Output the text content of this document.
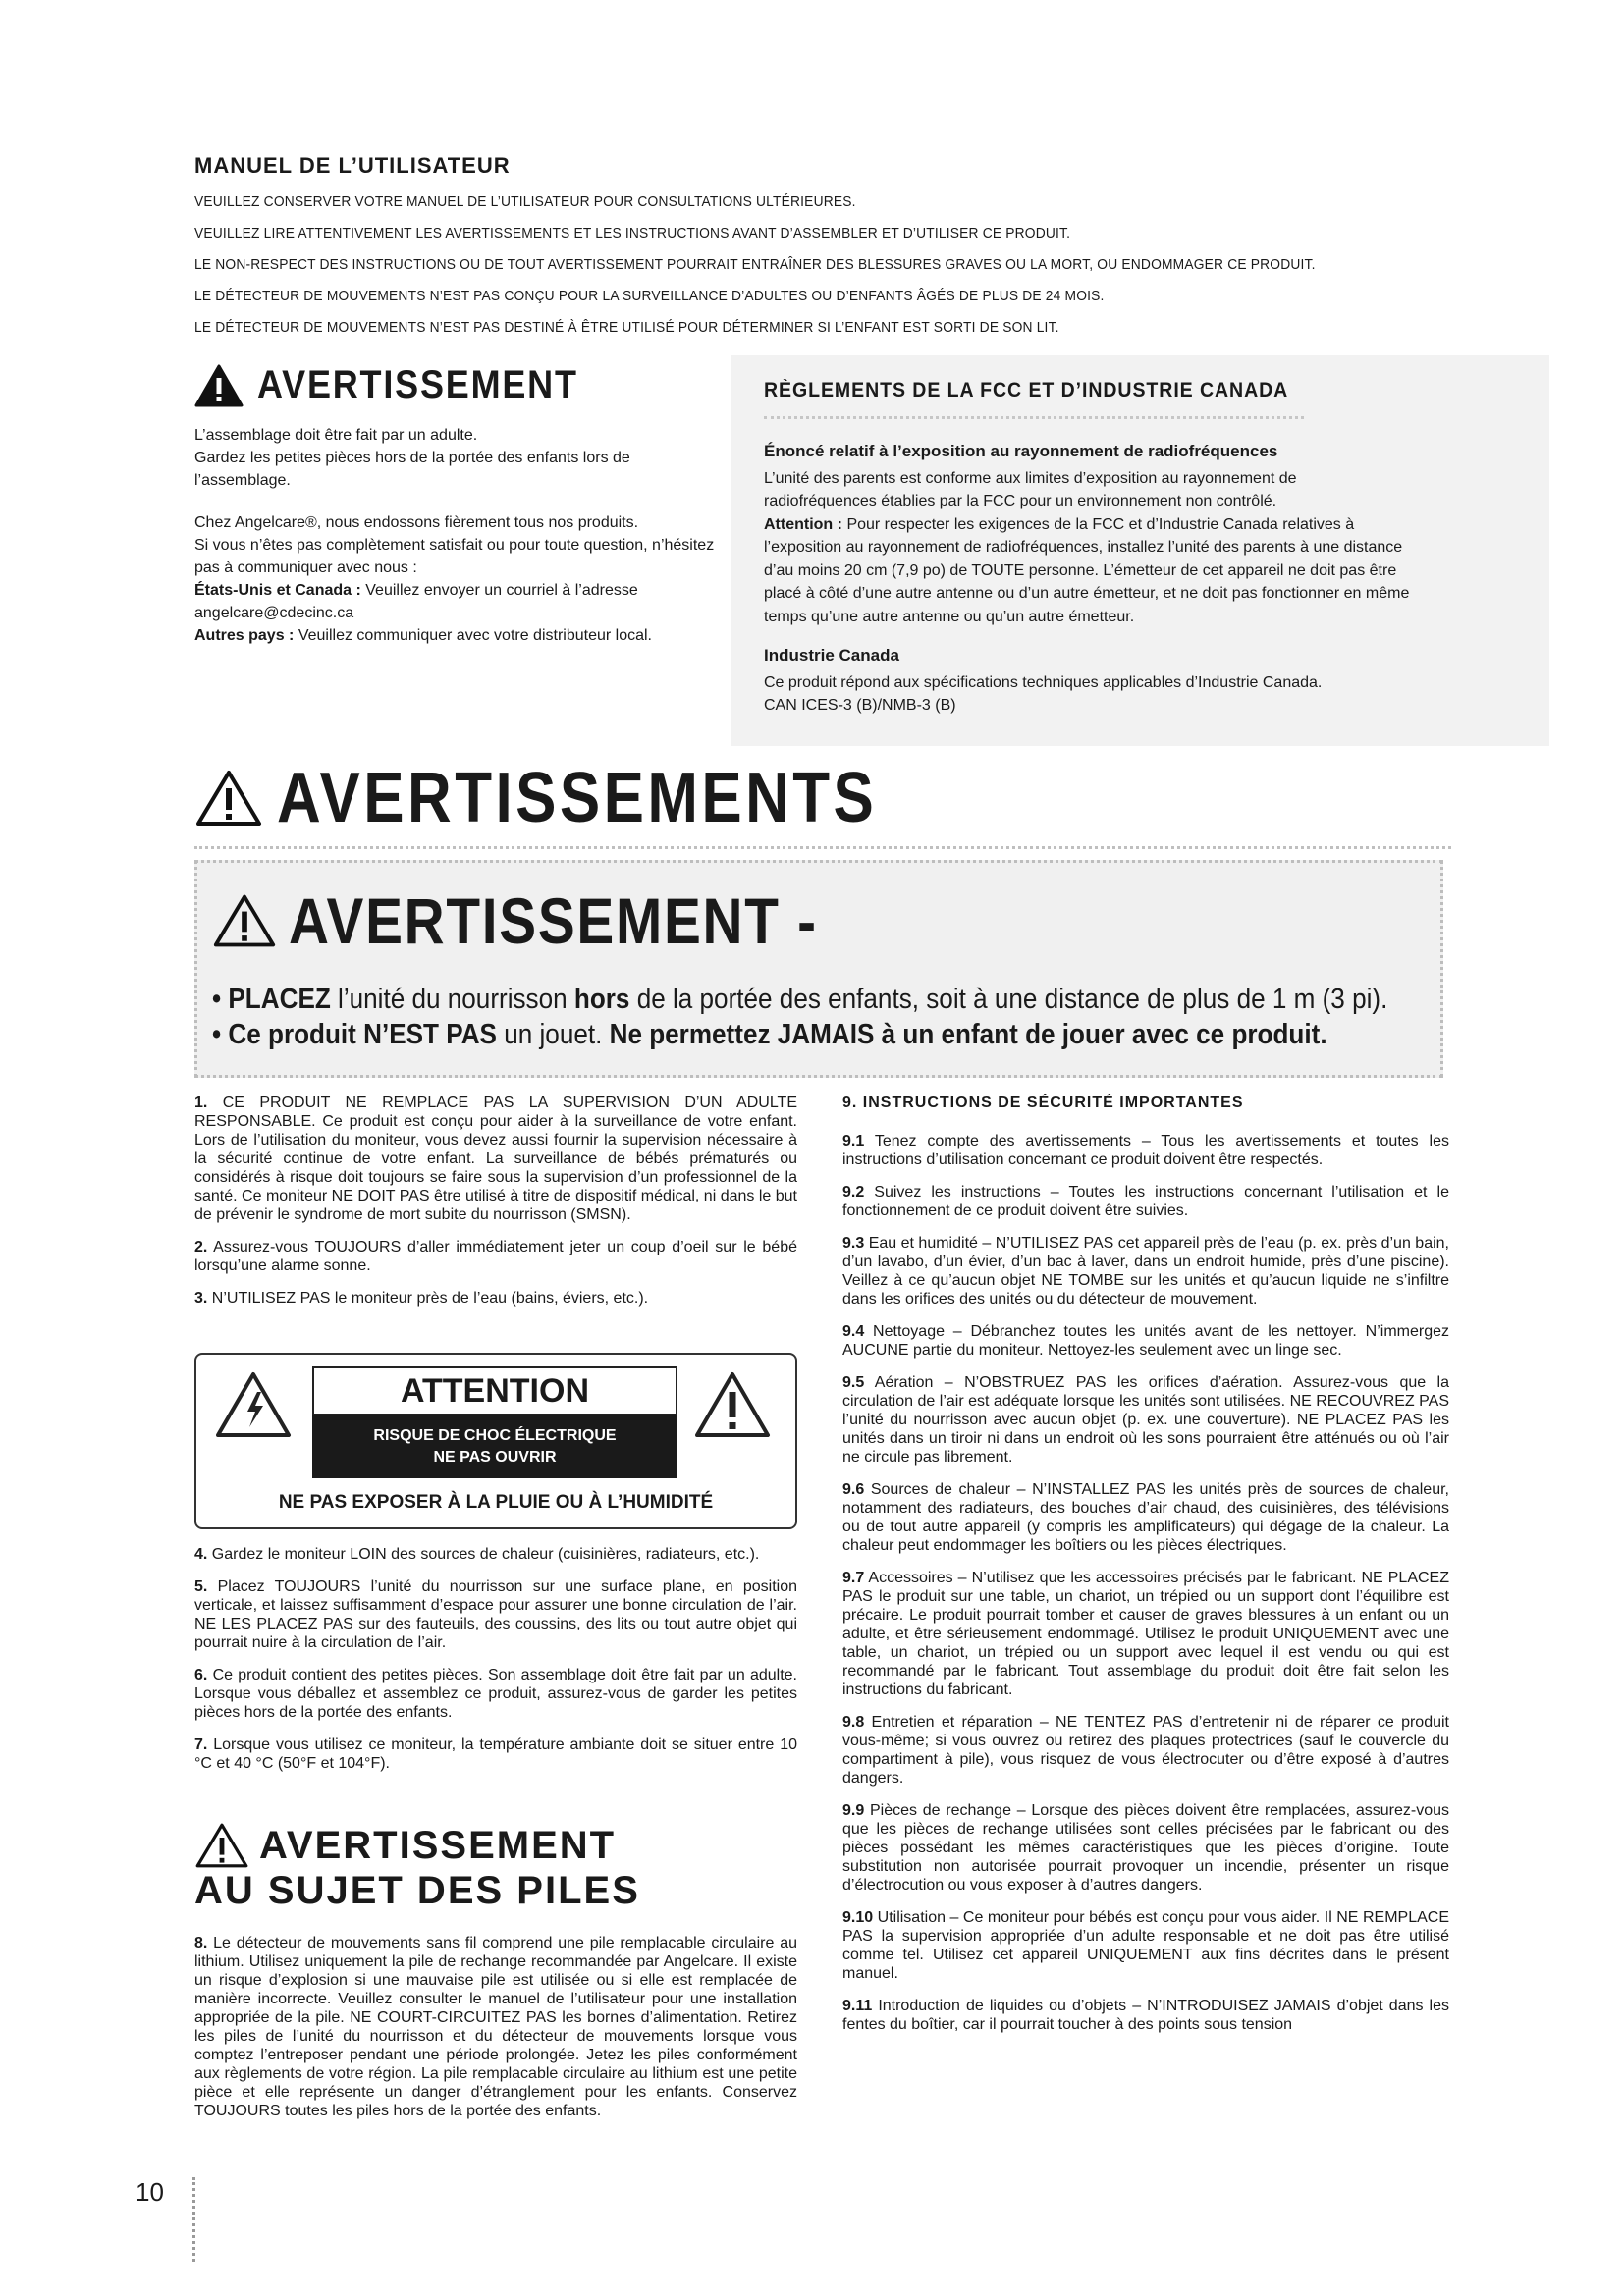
MANUEL DE L’UTILISATEUR
VEUILLEZ CONSERVER VOTRE MANUEL DE L’UTILISATEUR POUR CONSULTATIONS ULTÉRIEURES.
VEUILLEZ LIRE ATTENTIVEMENT LES AVERTISSEMENTS ET LES INSTRUCTIONS AVANT D’ASSEMBLER ET D’UTILISER CE PRODUIT.
LE NON-RESPECT DES INSTRUCTIONS OU DE TOUT AVERTISSEMENT POURRAIT ENTRAÎNER DES BLESSURES GRAVES OU LA MORT, OU ENDOMMAGER CE PRODUIT.
LE DÉTECTEUR DE MOUVEMENTS N’EST PAS CONÇU POUR LA SURVEILLANCE D’ADULTES OU D’ENFANTS ÂGÉS DE PLUS DE 24 MOIS.
LE DÉTECTEUR DE MOUVEMENTS N’EST PAS DESTINÉ À ÊTRE UTILISÉ POUR DÉTERMINER SI L’ENFANT EST SORTI DE SON LIT.
AVERTISSEMENT

L’assemblage doit être fait par un adulte.
Gardez les petites pièces hors de la portée des enfants lors de l’assemblage.

Chez Angelcare®, nous endossons fièrement tous nos produits.
Si vous n’êtes pas complètement satisfait ou pour toute question, n’hésitez pas à communiquer avec nous :
États-Unis et Canada : Veuillez envoyer un courriel à l’adresse angelcare@cdecinc.ca
Autres pays : Veuillez communiquer avec votre distributeur local.

RÈGLEMENTS DE LA FCC ET D’INDUSTRIE CANADA
Énoncé relatif à l’exposition au rayonnement de radiofréquences

L’unité des parents est conforme aux limites d’exposition au rayonnement de radiofréquences établies par la FCC pour un environnement non contrôlé.
Attention : Pour respecter les exigences de la FCC et d’Industrie Canada relatives à l’exposition au rayonnement de radiofréquences, installez l’unité des parents à une distance d’au moins 20 cm (7,9 po) de TOUTE personne. L’émetteur de cet appareil ne doit pas être placé à côté d’une autre antenne ou d’un autre émetteur, et ne doit pas fonctionner en même temps qu’une autre antenne ou qu’un autre émetteur.

Industrie Canada
Ce produit répond aux spécifications techniques applicables d’Industrie Canada.
CAN ICES-3 (B)/NMB-3 (B)
AVERTISSEMENTS
AVERTISSEMENT -
• PLACEZ l’unité du nourrisson hors de la portée des enfants, soit à une distance de plus de 1 m (3 pi).
• Ce produit N’EST PAS un jouet. Ne permettez JAMAIS à un enfant de jouer avec ce produit.

1. CE PRODUIT NE REMPLACE PAS LA SUPERVISION D’UN ADULTE RESPONSABLE. Ce produit est conçu pour aider à la surveillance de votre enfant. Lors de l’utilisation du moniteur, vous devez aussi fournir la supervision nécessaire à la sécurité continue de votre enfant. La surveillance de bébés prématurés ou considérés à risque doit toujours se faire sous la supervision d’un professionnel de la santé. Ce moniteur NE DOIT PAS être utilisé à titre de dispositif médical, ni dans le but de prévenir le syndrome de mort subite du nourrisson (SMSN).

2. Assurez-vous TOUJOURS d’aller immédiatement jeter un coup d’oeil sur le bébé lorsqu’une alarme sonne.

3. N’UTILISEZ PAS le moniteur près de l’eau (bains, éviers, etc.).

ATTENTION
RISQUE DE CHOC ÉLECTRIQUE
NE PAS OUVRIR
NE PAS EXPOSER À LA PLUIE OU À L’HUMIDITÉ

4. Gardez le moniteur LOIN des sources de chaleur (cuisinières, radiateurs, etc.).

5. Placez TOUJOURS l’unité du nourrisson sur une surface plane, en position verticale, et laissez suffisamment d’espace pour assurer une bonne circulation de l’air. NE LES PLACEZ PAS sur des fauteuils, des coussins, des lits ou tout autre objet qui pourrait nuire à la circulation de l’air.

6. Ce produit contient des petites pièces. Son assemblage doit être fait par un adulte. Lorsque vous déballez et assemblez ce produit, assurez-vous de garder les petites pièces hors de la portée des enfants.

7. Lorsque vous utilisez ce moniteur, la température ambiante doit se situer entre 10 °C et 40 °C (50°F et 104°F).

AVERTISSEMENT
AU SUJET DES PILES

8. Le détecteur de mouvements sans fil comprend une pile remplacable circulaire au lithium. Utilisez uniquement la pile de rechange recommandée par Angelcare. Il existe un risque d’explosion si une mauvaise pile est utilisée ou si elle est remplacée de manière incorrecte. Veuillez consulter le manuel de l’utilisateur pour une installation appropriée de la pile. NE COURT-CIRCUITEZ PAS les bornes d’alimentation. Retirez les piles de l’unité du nourrisson et du détecteur de mouvements lorsque vous comptez l’entreposer pendant une période prolongée. Jetez les piles conformément aux règlements de votre région. La pile remplacable circulaire au lithium est une petite pièce et elle représente un danger d’étranglement pour les enfants. Conservez TOUJOURS toutes les piles hors de la portée des enfants.

9. INSTRUCTIONS DE SÉCURITÉ IMPORTANTES

9.1 Tenez compte des avertissements – Tous les avertissements et toutes les instructions d’utilisation concernant ce produit doivent être respectés.

9.2 Suivez les instructions – Toutes les instructions concernant l’utilisation et le fonctionnement de ce produit doivent être suivies.

9.3 Eau et humidité – N’UTILISEZ PAS cet appareil près de l’eau (p. ex. près d’un bain, d’un lavabo, d’un évier, d’un bac à laver, dans un endroit humide, près d’une piscine). Veillez à ce qu’aucun objet NE TOMBE sur les unités et qu’aucun liquide ne s’infiltre dans les orifices des unités ou du détecteur de mouvement.

9.4 Nettoyage – Débranchez toutes les unités avant de les nettoyer. N’immergez AUCUNE partie du moniteur. Nettoyez-les seulement avec un linge sec.

9.5 Aération – N’OBSTRUEZ PAS les orifices d’aération. Assurez-vous que la circulation de l’air est adéquate lorsque les unités sont utilisées. NE RECOUVREZ PAS l’unité du nourrisson avec aucun objet (p. ex. une couverture). NE PLACEZ PAS les unités dans un tiroir ni dans un endroit où les sons pourraient être atténués ou où l’air ne circule pas librement.

9.6 Sources de chaleur – N’INSTALLEZ PAS les unités près de sources de chaleur, notamment des radiateurs, des bouches d’air chaud, des cuisinières, des télévisions ou de tout autre appareil (y compris les amplificateurs) qui dégage de la chaleur. La chaleur peut endommager les boîtiers ou les pièces électriques.

9.7 Accessoires – N’utilisez que les accessoires précisés par le fabricant. NE PLACEZ PAS le produit sur une table, un chariot, un trépied ou un support dont l’équilibre est précaire. Le produit pourrait tomber et causer de graves blessures à un enfant ou un adulte, et être sérieusement endommagé. Utilisez le produit UNIQUEMENT avec une table, un chariot, un trépied ou un support avec lequel il est vendu ou qui est recommandé par le fabricant. Tout assemblage du produit doit être fait selon les instructions du fabricant.

9.8 Entretien et réparation – NE TENTEZ PAS d’entretenir ni de réparer ce produit vous-même; si vous ouvrez ou retirez des plaques protectrices (sauf le couvercle du compartiment à pile), vous risquez de vous électrocuter ou d’être exposé à d’autres dangers.

9.9 Pièces de rechange – Lorsque des pièces doivent être remplacées, assurez-vous que les pièces de rechange utilisées sont celles précisées par le fabricant ou des pièces possédant les mêmes caractéristiques que les pièces d’origine. Toute substitution non autorisée pourrait provoquer un incendie, présenter un risque d’électrocution ou vous exposer à d’autres dangers.

9.10 Utilisation – Ce moniteur pour bébés est conçu pour vous aider. Il NE REMPLACE PAS la supervision appropriée d’un adulte responsable et ne doit pas être utilisé comme tel. Utilisez cet appareil UNIQUEMENT aux fins décrites dans le présent manuel.

9.11 Introduction de liquides ou d’objets – N’INTRODUISEZ JAMAIS d’objet dans les fentes du boîtier, car il pourrait toucher à des points sous tension

10
